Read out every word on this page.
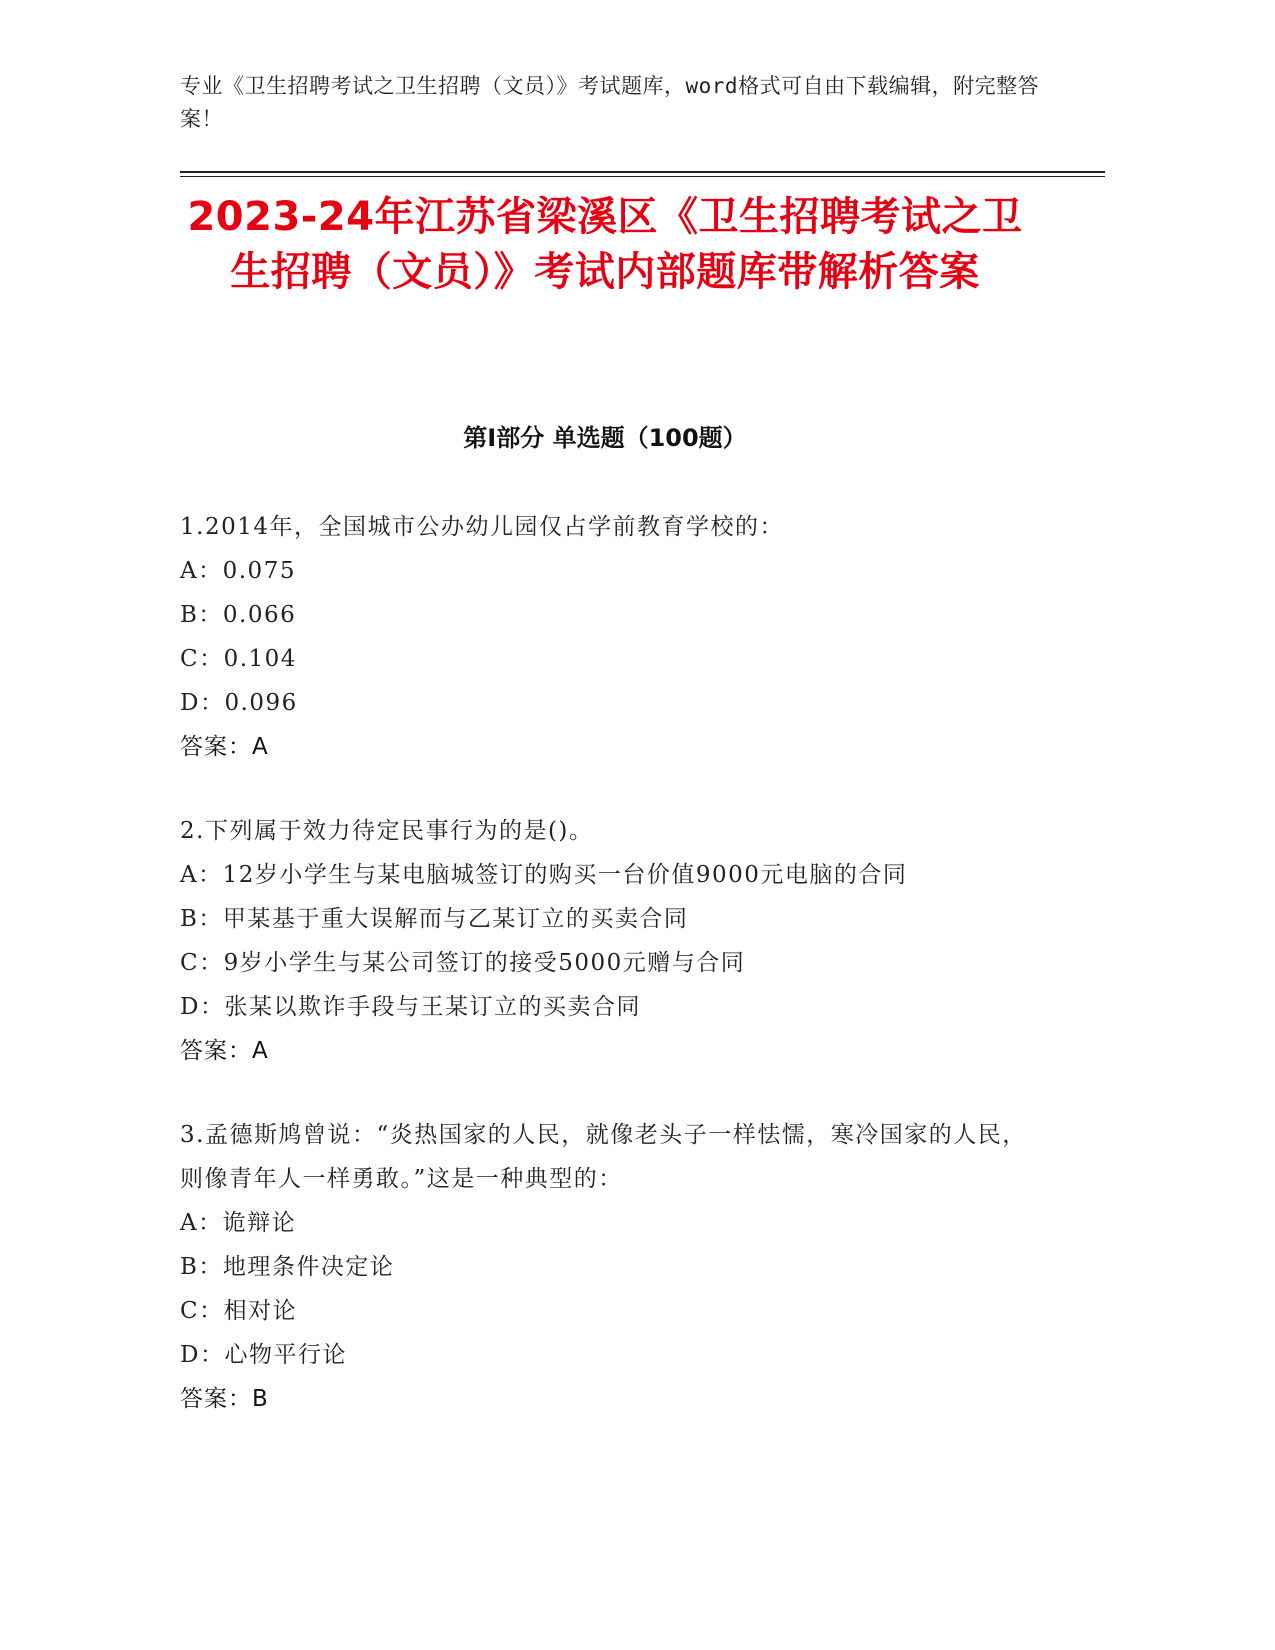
专业《卫生招聘考试之卫生招聘（文员）》考试题库，word格式可自由下载编辑，附完整答案！
2023-24年江苏省梁溪区《卫生招聘考试之卫生招聘（文员）》考试内部题库带解析答案
第I部分 单选题（100题）
1.2014年，全国城市公办幼儿园仅占学前教育学校的：
A：0.075
B：0.066
C：0.104
D：0.096
答案：A
2.下列属于效力待定民事行为的是()。
A：12岁小学生与某电脑城签订的购买一台价值9000元电脑的合同
B：甲某基于重大误解而与乙某订立的买卖合同
C：9岁小学生与某公司签订的接受5000元赠与合同
D：张某以欺诈手段与王某订立的买卖合同
答案：A
3.孟德斯鸠曾说：“炎热国家的人民，就像老头子一样怯懦，寒冷国家的人民，则像青年人一样勇敢。”这是一种典型的：
A：诡辩论
B：地理条件决定论
C：相对论
D：心物平行论
答案：B
